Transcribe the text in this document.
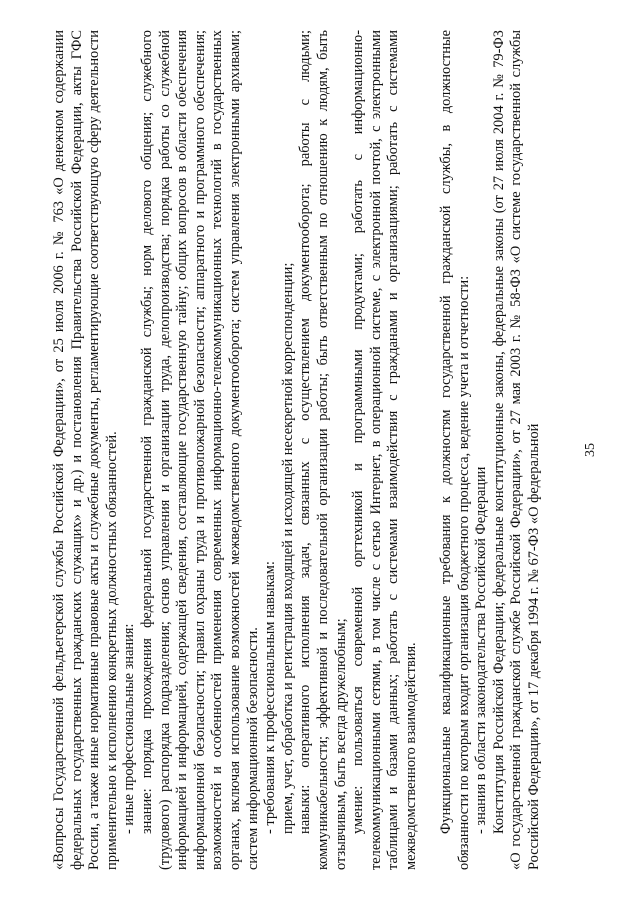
35

«Вопросы Государственной фельдъегерской службы Российской Федерации», от 25 июля 2006 г. № 763 «О денежном содержании федеральных государственных гражданских служащих» и др.) и постановления Правительства Российской Федерации, акты ГФС России, а также иные нормативные правовые акты и служебные документы, регламентирующие соответствующую сферу деятельности применительно к исполнению конкретных должностных обязанностей. - иные профессиональные знания: знание: порядка прохождения федеральной государственной гражданской службы; норм делового общения; служебного (трудового) распорядка подразделения; основ управления и организации труда, делопроизводства; порядка работы со служебной информацией и информацией, содержащей сведения, составляющие государственную тайну; общих вопросов в области обеспечения информационной безопасности; правил охраны труда и противопожарной безопасности; аппаратного и программного обеспечения; возможностей и особенностей применения современных информационно-телекоммуникационных технологий в государственных органах, включая использование возможностей межведомственного документооборота; систем управления электронными архивами; систем информационной безопасности. - требования к профессиональным навыкам: прием, учет, обработка и регистрация входящей и исходящей несекретной корреспонденции; навыки: оперативного исполнения задач, связанных с осуществлением документооборота; работы с людьми; коммуникабельности; эффективной и последовательной организации работы; быть ответственным по отношению к людям, быть отзывчивым, быть всегда дружелюбным; умение: пользоваться современной оргтехникой и программными продуктами; работать с информационно-телекоммуникационными сетями, в том числе с сетью Интернет, в операционной системе, с электронной почтой, с электронными таблицами и базами данных; работать с системами взаимодействия с гражданами и организациями; работать с системами межведомственного взаимодействия. Функциональные квалификационные требования к должностям государственной гражданской службы, в должностные обязанности по которым входит организация бюджетного процесса, ведение учета и отчетности: - знания в области законодательства Российской Федерации Конституция Российской Федерации; федеральные конституционные законы, федеральные законы (от 27 июля 2004 г. № 79-ФЗ «О государственной гражданской службе Российской Федерации», от 27 мая 2003 г. № 58-ФЗ «О системе государственной службы Российской Федерации», от 17 декабря 1994 г. № 67-ФЗ «О федеральной
